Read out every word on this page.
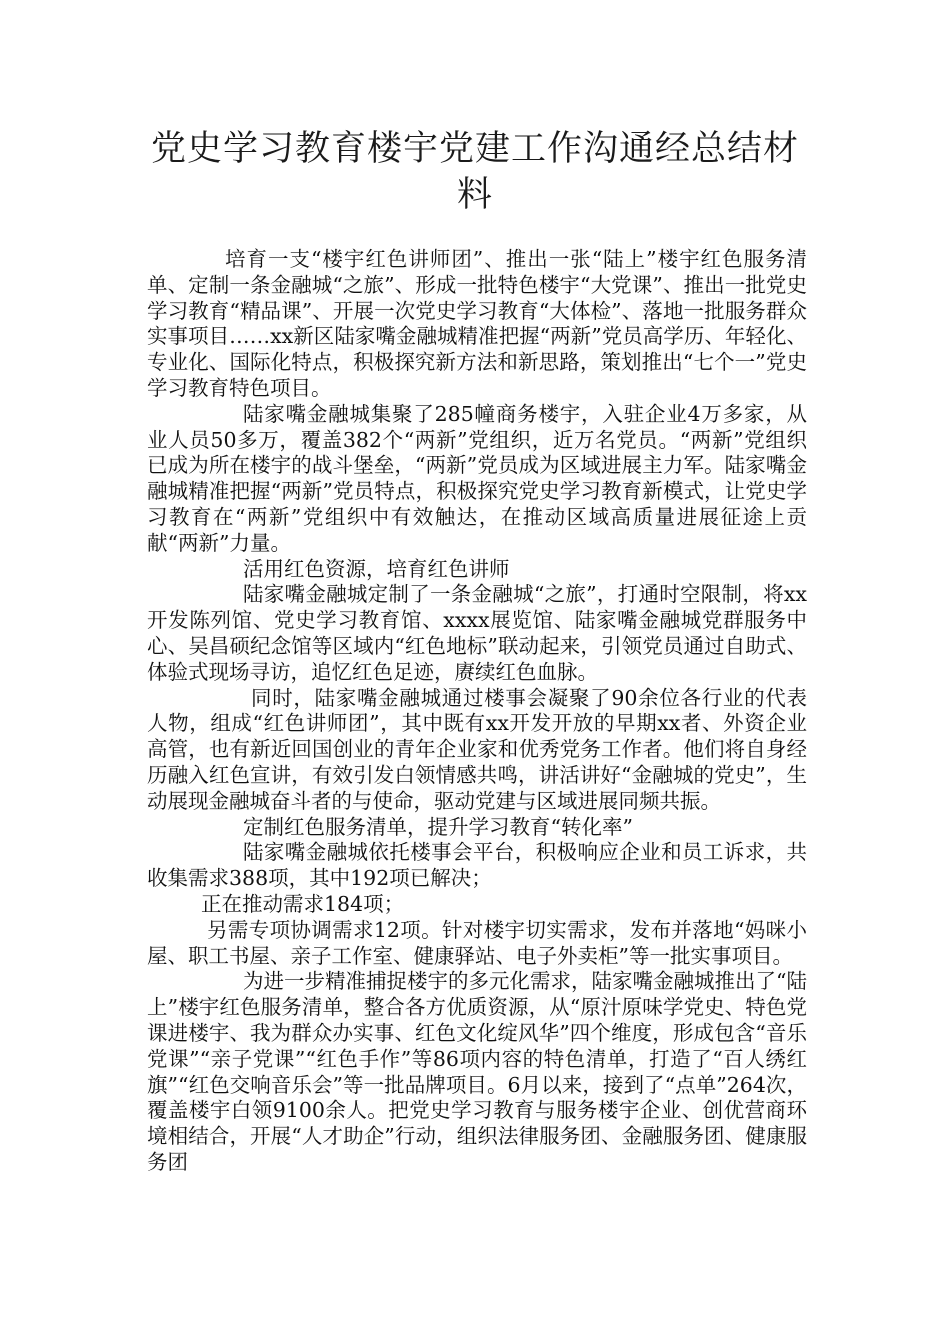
党史学习教育楼宇党建工作沟通经总结材料

培育一支“楼宇红色讲师团”、推出一张“陆上”楼宇红色服务清单、定制一条金融城“之旅”、形成一批特色楼宇“大党课”、推出一批党史学习教育“精品课”、开展一次党史学习教育“大体检”、落地一批服务群众实事项目……xx新区陆家嘴金融城精准把握“两新”党员高学历、年轻化、专业化、国际化特点，积极探究新方法和新思路，策划推出“七个一”党史学习教育特色项目。

陆家嘴金融城集聚了285幢商务楼宇，入驻企业4万多家，从业人员50多万，覆盖382个“两新”党组织，近万名党员。“两新”党组织已成为所在楼宇的战斗堡垒，“两新”党员成为区域进展主力军。陆家嘴金融城精准把握“两新”党员特点，积极探究党史学习教育新模式，让党史学习教育在“两新”党组织中有效触达，在推动区域高质量进展征途上贡献“两新”力量。

活用红色资源，培育红色讲师

陆家嘴金融城定制了一条金融城“之旅”，打通时空限制，将xx开发陈列馆、党史学习教育馆、xxxx展览馆、陆家嘴金融城党群服务中心、吴昌硕纪念馆等区域内“红色地标”联动起来，引领党员通过自助式、体验式现场寻访，追忆红色足迹，赓续红色血脉。

同时，陆家嘴金融城通过楼事会凝聚了90余位各行业的代表人物，组成“红色讲师团”，其中既有xx开发开放的早期xx者、外资企业高管，也有新近回国创业的青年企业家和优秀党务工作者。他们将自身经历融入红色宣讲，有效引发白领情感共鸣，讲活讲好“金融城的党史”，生动展现金融城奋斗者的与使命，驱动党建与区域进展同频共振。

定制红色服务清单，提升学习教育“转化率”

陆家嘴金融城依托楼事会平台，积极响应企业和员工诉求，共收集需求388项，其中192项已解决；

正在推动需求184项；

另需专项协调需求12项。针对楼宇切实需求，发布并落地“妈咪小屋、职工书屋、亲子工作室、健康驿站、电子外卖柜”等一批实事项目。

为进一步精准捕捉楼宇的多元化需求，陆家嘴金融城推出了“陆上”楼宇红色服务清单，整合各方优质资源，从“原汁原味学党史、特色党课进楼宇、我为群众办实事、红色文化绽风华”四个维度，形成包含“音乐党课”“亲子党课”“红色手作”等86项内容的特色清单，打造了“百人绣红旗”“红色交响音乐会”等一批品牌项目。6月以来，接到了“点单”264次，覆盖楼宇白领9100余人。把党史学习教育与服务楼宇企业、创优营商环境相结合，开展“人才助企”行动，组织法律服务团、金融服务团、健康服务团
